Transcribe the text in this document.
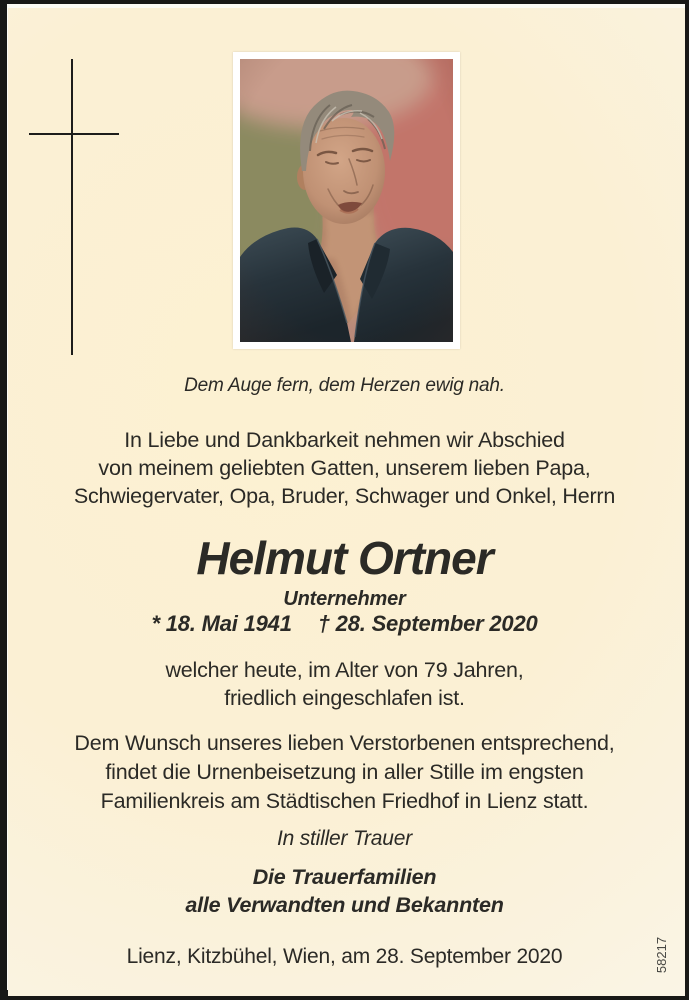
Dem Auge fern, dem Herzen ewig nah.
In Liebe und Dankbarkeit nehmen wir Abschied
von meinem geliebten Gatten, unserem lieben Papa,
Schwiegervater, Opa, Bruder, Schwager und Onkel, Herrn
Helmut Ortner
Unternehmer
* 18. Mai 1941 † 28. September 2020
welcher heute, im Alter von 79 Jahren,
friedlich eingeschlafen ist.
Dem Wunsch unseres lieben Verstorbenen entsprechend,
findet die Urnenbeisetzung in aller Stille im engsten
Familienkreis am Städtischen Friedhof in Lienz statt.
In stiller Trauer
Die Trauerfamilien
alle Verwandten und Bekannten
Lienz, Kitzbühel, Wien, am 28. September 2020	58217
